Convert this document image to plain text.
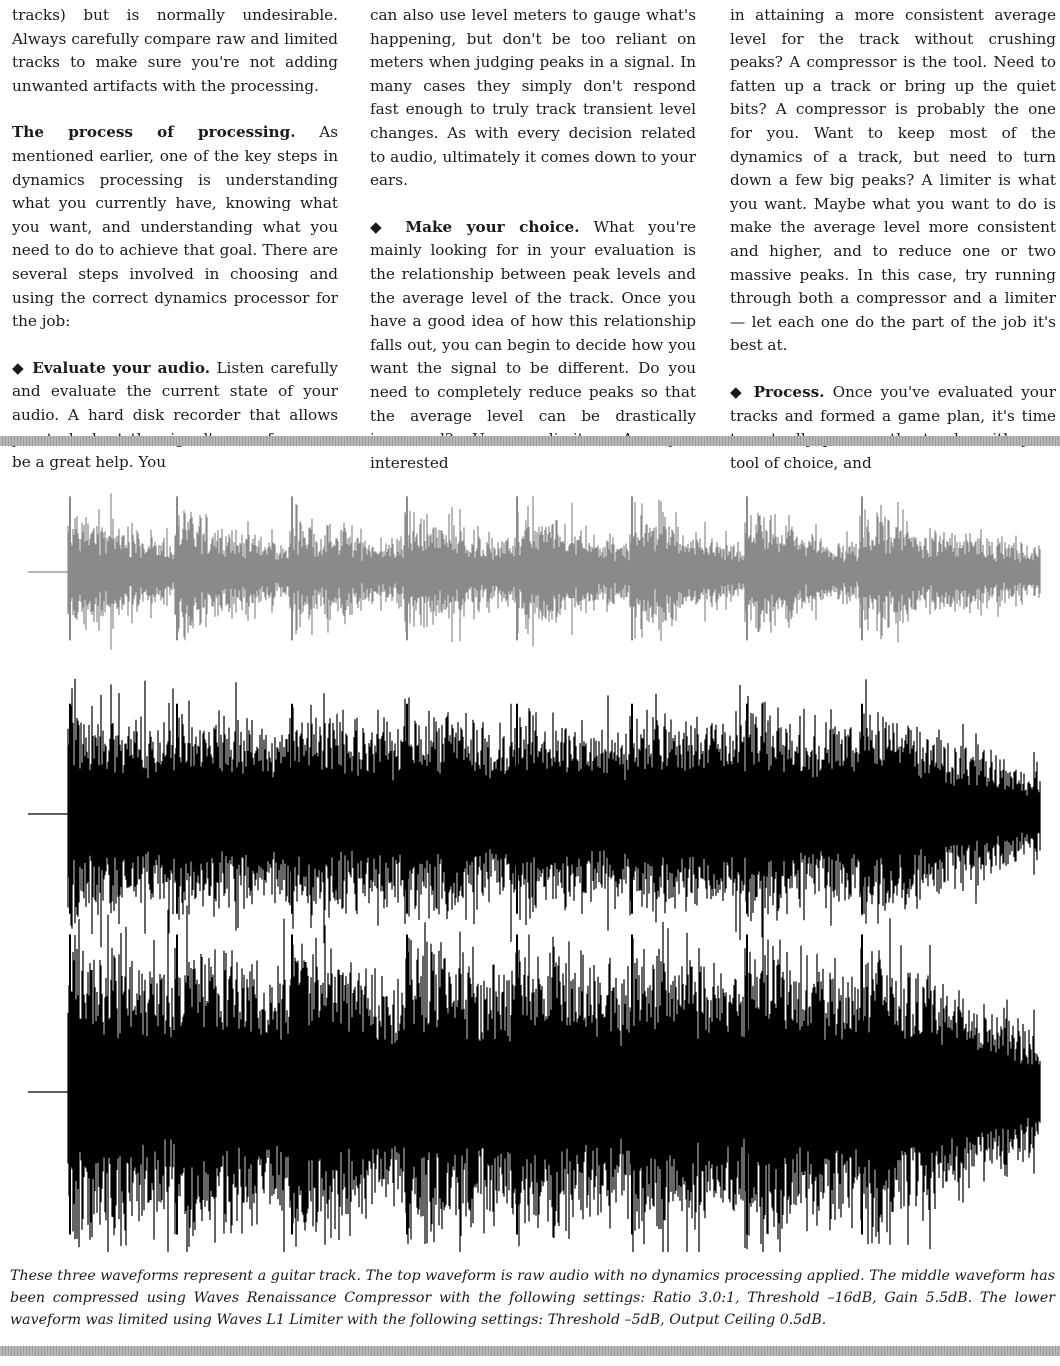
tracks) but is normally undesirable. Always carefully compare raw and limited tracks to make sure you're not adding unwanted artifacts with the processing.

The process of processing. As mentioned earlier, one of the key steps in dynamics processing is understanding what you currently have, knowing what you want, and understanding what you need to do to achieve that goal. There are several steps involved in choosing and using the correct dynamics processor for the job:

◆ Evaluate your audio. Listen carefully and evaluate the current state of your audio. A hard disk recorder that allows be a great help. You

can also use level meters to gauge what's happening, but don't be too reliant on meters when judging peaks in a signal. In many cases they simply don't respond fast enough to truly track transient level changes. As with every decision related to audio, ultimately it comes down to your ears.

◆ Make your choice. What you're mainly looking for in your evaluation is the relationship between peak levels and the average level of the track. Once you have a good idea of how this relationship falls out, you can begin to decide how you want the signal to be different. Do you need to completely reduce peaks so that the average level can be drastically interested

in attaining a more consistent average level for the track without crushing peaks? A compressor is the tool. Need to fatten up a track or bring up the quiet bits? A compressor is probably the one for you. Want to keep most of the dynamics of a track, but need to turn down a few big peaks? A limiter is what you want. Maybe what you want to do is make the average level more consistent and higher, and to reduce one or two massive peaks. In this case, try running through both a compressor and a limiter — let each one do the part of the job it's best at.

◆ Process. Once you've evaluated your tracks and formed a game plan, it's time tool of choice, and

These three waveforms represent a guitar track. The top waveform is raw audio with no dynamics processing applied. The middle waveform has been compressed using Waves Renaissance Compressor with the following settings: Ratio 3.0:1, Threshold –16dB, Gain 5.5dB. The lower waveform was limited using Waves L1 Limiter with the following settings: Threshold –5dB, Output Ceiling 0.5dB.
